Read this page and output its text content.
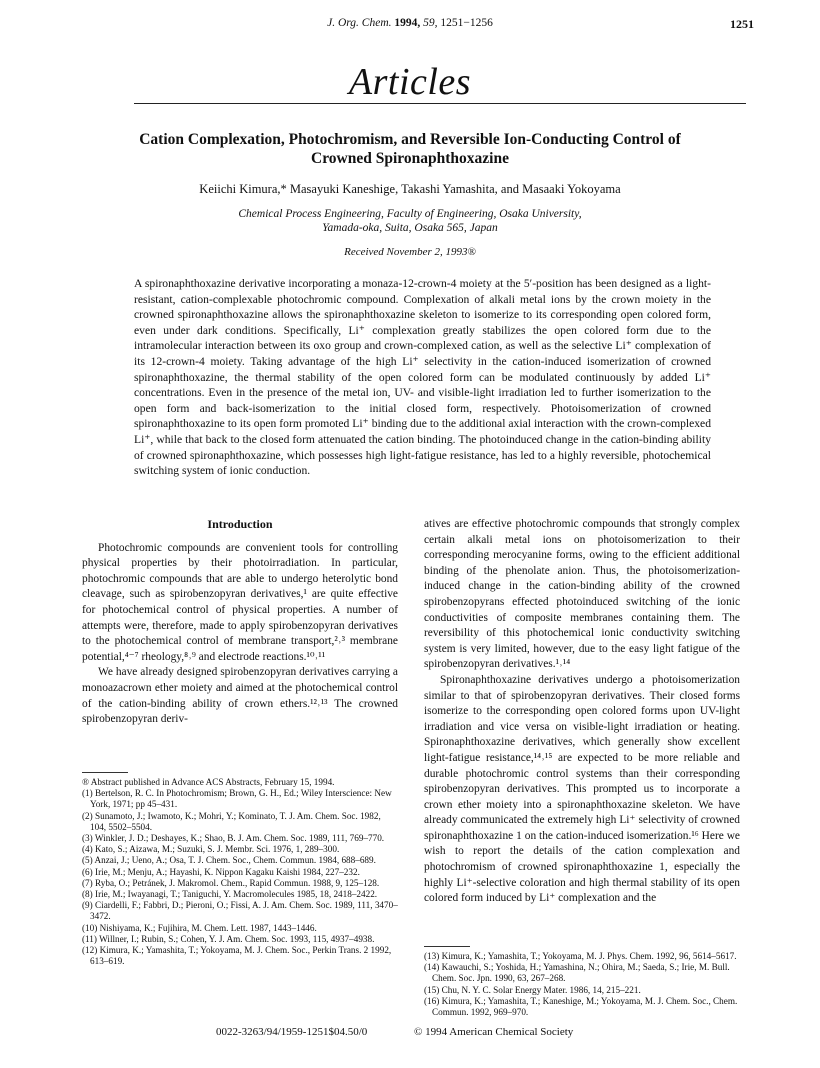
J. Org. Chem. 1994, 59, 1251−1256	1251
Articles
Cation Complexation, Photochromism, and Reversible Ion-Conducting Control of Crowned Spironaphthoxazine
Keiichi Kimura,* Masayuki Kaneshige, Takashi Yamashita, and Masaaki Yokoyama
Chemical Process Engineering, Faculty of Engineering, Osaka University,
Yamada-oka, Suita, Osaka 565, Japan
Received November 2, 1993®
A spironaphthoxazine derivative incorporating a monaza-12-crown-4 moiety at the 5′-position has been designed as a light-resistant, cation-complexable photochromic compound. Complexation of alkali metal ions by the crown moiety in the crowned spironaphthoxazine allows the spironaphthoxazine skeleton to isomerize to its corresponding open colored form, even under dark conditions. Specifically, Li⁺ complexation greatly stabilizes the open colored form due to the intramolecular interaction between its oxo group and crown-complexed cation, as well as the selective Li⁺ complexation of its 12-crown-4 moiety. Taking advantage of the high Li⁺ selectivity in the cation-induced isomerization of crowned spironaphthoxazine, the thermal stability of the open colored form can be modulated continuously by added Li⁺ concentrations. Even in the presence of the metal ion, UV- and visible-light irradiation led to further isomerization to the open form and back-isomerization to the initial closed form, respectively. Photoisomerization of crowned spironaphthoxazine to its open form promoted Li⁺ binding due to the additional axial interaction with the crown-complexed Li⁺, while that back to the closed form attenuated the cation binding. The photoinduced change in the cation-binding ability of crowned spironaphthoxazine, which possesses high light-fatigue resistance, has led to a highly reversible, photochemical switching system of ionic conduction.
Introduction

Photochromic compounds are convenient tools for controlling physical properties by their photoirradiation. In particular, photochromic compounds that are able to undergo heterolytic bond cleavage, such as spirobenzopyran derivatives,¹ are quite effective for photochemical control of physical properties. A number of attempts were, therefore, made to apply spirobenzopyran derivatives to the photochemical control of membrane transport,²˒³ membrane potential,⁴⁻⁷ rheology,⁸˒⁹ and electrode reactions.¹⁰˒¹¹

We have already designed spirobenzopyran derivatives carrying a monoazacrown ether moiety and aimed at the photochemical control of the cation-binding ability of crown ethers.¹²˒¹³ The crowned spirobenzopyran deriv-

atives are effective photochromic compounds that strongly complex certain alkali metal ions on photoisomerization to their corresponding merocyanine forms, owing to the efficient additional binding of the phenolate anion. Thus, the photoisomerization-induced change in the cation-binding ability of the crowned spirobenzopyrans effected photoinduced switching of the ionic conductivities of composite membranes containing them. The reversibility of this photochemical ionic conductivity switching system is very limited, however, due to the easy light fatigue of the spirobenzopyran derivatives.¹˒¹⁴

Spironaphthoxazine derivatives undergo a photoisomerization similar to that of spirobenzopyran derivatives. Their closed forms isomerize to the corresponding open colored forms upon UV-light irradiation and vice versa on visible-light irradiation or heating. Spironaphthoxazine derivatives, which generally show excellent light-fatigue resistance,¹⁴˒¹⁵ are expected to be more reliable and durable photochromic control systems than their corresponding spirobenzopyran derivatives. This prompted us to incorporate a crown ether moiety into a spironaphthoxazine skeleton. We have already communicated the extremely high Li⁺ selectivity of crowned spironaphthoxazine 1 on the cation-induced isomerization.¹⁶ Here we wish to report the details of the cation complexation and photochromism of crowned spironaphthoxazine 1, especially the highly Li⁺-selective coloration and high thermal stability of its open colored form induced by Li⁺ complexation and the

® Abstract published in Advance ACS Abstracts, February 15, 1994.

(1) Bertelson, R. C. In Photochromism; Brown, G. H., Ed.; Wiley Interscience: New York, 1971; pp 45–431.

(2) Sunamoto, J.; Iwamoto, K.; Mohri, Y.; Kominato, T. J. Am. Chem. Soc. 1982, 104, 5502–5504.

(3) Winkler, J. D.; Deshayes, K.; Shao, B. J. Am. Chem. Soc. 1989, 111, 769–770.

(4) Kato, S.; Aizawa, M.; Suzuki, S. J. Membr. Sci. 1976, 1, 289–300.

(5) Anzai, J.; Ueno, A.; Osa, T. J. Chem. Soc., Chem. Commun. 1984, 688–689.

(6) Irie, M.; Menju, A.; Hayashi, K. Nippon Kagaku Kaishi 1984, 227–232.

(7) Ryba, O.; Petránek, J. Makromol. Chem., Rapid Commun. 1988, 9, 125–128.

(8) Irie, M.; Iwayanagi, T.; Taniguchi, Y. Macromolecules 1985, 18, 2418–2422.

(9) Ciardelli, F.; Fabbri, D.; Pieroni, O.; Fissi, A. J. Am. Chem. Soc. 1989, 111, 3470–3472.

(10) Nishiyama, K.; Fujihira, M. Chem. Lett. 1987, 1443–1446.

(11) Willner, I.; Rubin, S.; Cohen, Y. J. Am. Chem. Soc. 1993, 115, 4937–4938.

(12) Kimura, K.; Yamashita, T.; Yokoyama, M. J. Chem. Soc., Perkin Trans. 2 1992, 613–619.

(13) Kimura, K.; Yamashita, T.; Yokoyama, M. J. Phys. Chem. 1992, 96, 5614–5617.

(14) Kawauchi, S.; Yoshida, H.; Yamashina, N.; Ohira, M.; Saeda, S.; Irie, M. Bull. Chem. Soc. Jpn. 1990, 63, 267–268.

(15) Chu, N. Y. C. Solar Energy Mater. 1986, 14, 215–221.

(16) Kimura, K.; Yamashita, T.; Kaneshige, M.; Yokoyama, M. J. Chem. Soc., Chem. Commun. 1992, 969–970.

0022-3263/94/1959-1251$04.50/0	© 1994 American Chemical Society
